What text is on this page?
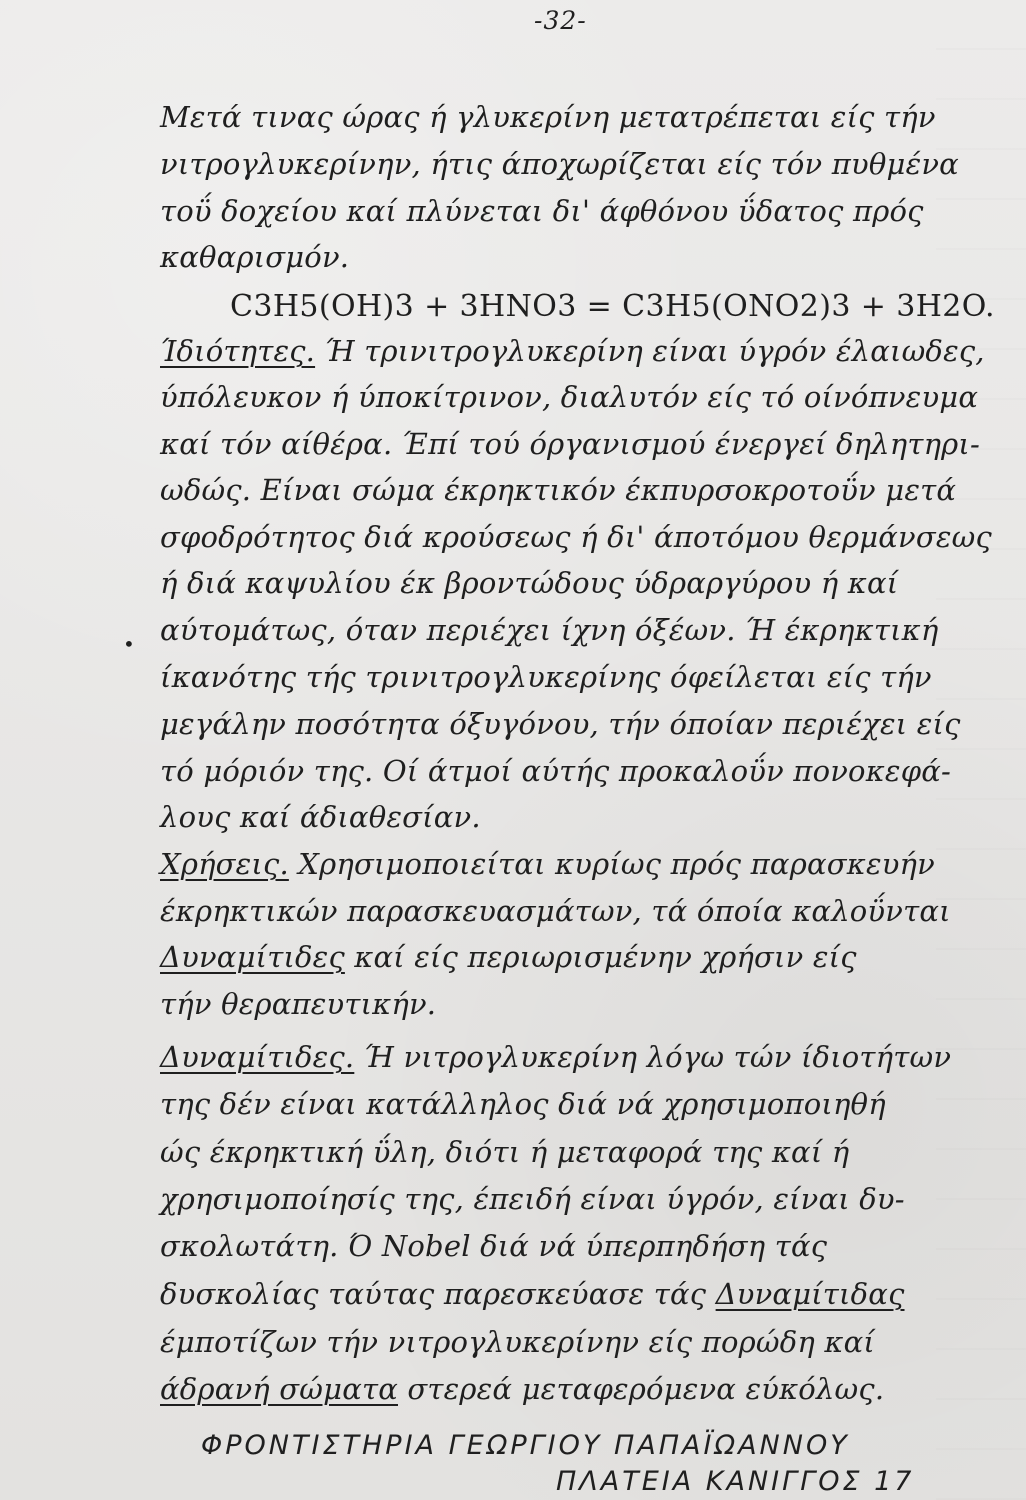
-32-
•
Μετά τινας ώρας ή γλυκερίνη μετατρέπεται είς τήν
νιτρογλυκερίνην, ήτις άποχωρίζεται είς τόν πυθμένα
τοΰ δοχείου καί πλύνεται δι' άφθόνου ΰδατος πρός
καθαρισμόν.
C3H5(OH)3 + 3HNO3 = C3H5(ONO2)3 + 3H2O.
Ίδιότητες. Ή τρινιτρογλυκερίνη είναι ύγρόν έλαιωδες,
ύπόλευκον ή ύποκίτρινον, διαλυτόν είς τό οίνόπνευμα
καί τόν αίθέρα. Έπί τού όργανισμού ένεργεί δηλητηρι-
ωδώς. Είναι σώμα έκρηκτικόν έκπυρσοκροτοΰν μετά
σφοδρότητος διά κρούσεως ή δι' άποτόμου θερμάνσεως
ή διά καψυλίου έκ βροντώδους ύδραργύρου ή καί
αύτομάτως, όταν περιέχει ίχνη όξέων. Ή έκρηκτική
ίκανότης τής τρινιτρογλυκερίνης όφείλεται είς τήν
μεγάλην ποσότητα όξυγόνου, τήν όποίαν περιέχει είς
τό μόριόν της. Οί άτμοί αύτής προκαλοΰν πονοκεφά-
λους καί άδιαθεσίαν.
Χρήσεις. Χρησιμοποιείται κυρίως πρός παρασκευήν
έκρηκτικών παρασκευασμάτων, τά όποία καλοΰνται
Δυναμίτιδες καί είς περιωρισμένην χρήσιν είς
τήν θεραπευτικήν.
Δυναμίτιδες. Ή νιτρογλυκερίνη λόγω τών ίδιοτήτων
της δέν είναι κατάλληλος διά νά χρησιμοποιηθή
ώς έκρηκτική ΰλη, διότι ή μεταφορά της καί ή
χρησιμοποίησίς της, έπειδή είναι ύγρόν, είναι δυ-
σκολωτάτη. Ό Nobel διά νά ύπερπηδήση τάς
δυσκολίας ταύτας παρεσκεύασε τάς Δυναμίτιδας
έμποτίζων τήν νιτρογλυκερίνην είς πορώδη καί
άδρανή σώματα στερεά μεταφερόμενα εύκόλως.
ΦΡΟΝΤΙΣΤΗΡΙΑ ΓΕΩΡΓΙΟΥ ΠΑΠΑΪΩΑΝΝΟΥ
ΠΛΑΤΕΙΑ ΚΑΝΙΓΓΟΣ 17
